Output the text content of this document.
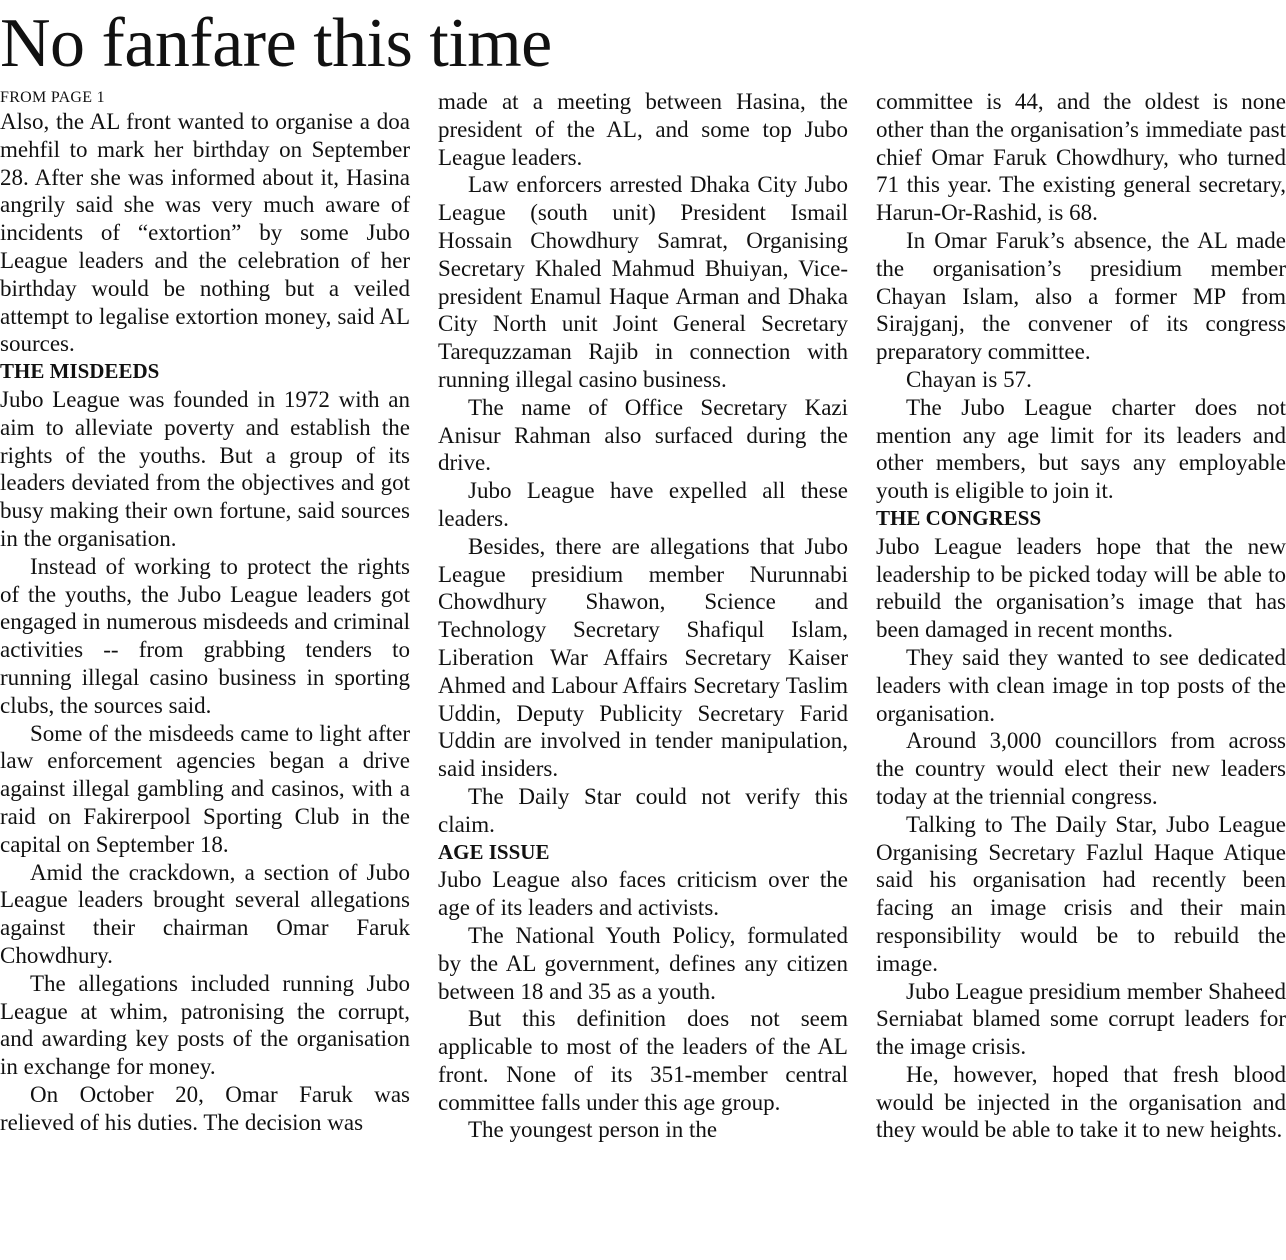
No fanfare this time
FROM PAGE 1

Also, the AL front wanted to organise a doa mehfil to mark her birthday on September 28. After she was informed about it, Hasina angrily said she was very much aware of incidents of “extortion” by some Jubo League leaders and the celebration of her birthday would be nothing but a veiled attempt to legalise extortion money, said AL sources.

THE MISDEEDS

Jubo League was founded in 1972 with an aim to alleviate poverty and establish the rights of the youths. But a group of its leaders deviated from the objectives and got busy making their own fortune, said sources in the organisation.

Instead of working to protect the rights of the youths, the Jubo League leaders got engaged in numerous misdeeds and criminal activities -- from grabbing tenders to running illegal casino business in sporting clubs, the sources said.

Some of the misdeeds came to light after law enforcement agencies began a drive against illegal gambling and casinos, with a raid on Fakirerpool Sporting Club in the capital on September 18.

Amid the crackdown, a section of Jubo League leaders brought several allegations against their chairman Omar Faruk Chowdhury.

The allegations included running Jubo League at whim, patronising the corrupt, and awarding key posts of the organisation in exchange for money.

On October 20, Omar Faruk was relieved of his duties. The decision was

made at a meeting between Hasina, the president of the AL, and some top Jubo League leaders.

Law enforcers arrested Dhaka City Jubo League (south unit) President Ismail Hossain Chowdhury Samrat, Organising Secretary Khaled Mahmud Bhuiyan, Vice-president Enamul Haque Arman and Dhaka City North unit Joint General Secretary Tarequzzaman Rajib in connection with running illegal casino business.

The name of Office Secretary Kazi Anisur Rahman also surfaced during the drive.

Jubo League have expelled all these leaders.

Besides, there are allegations that Jubo League presidium member Nurunnabi Chowdhury Shawon, Science and Technology Secretary Shafiqul Islam, Liberation War Affairs Secretary Kaiser Ahmed and Labour Affairs Secretary Taslim Uddin, Deputy Publicity Secretary Farid Uddin are involved in tender manipulation, said insiders.

The Daily Star could not verify this claim.

AGE ISSUE

Jubo League also faces criticism over the age of its leaders and activists.

The National Youth Policy, formulated by the AL government, defines any citizen between 18 and 35 as a youth.

But this definition does not seem applicable to most of the leaders of the AL front. None of its 351-member central committee falls under this age group.

The youngest person in the

committee is 44, and the oldest is none other than the organisation’s immediate past chief Omar Faruk Chowdhury, who turned 71 this year. The existing general secretary, Harun-Or-Rashid, is 68.

In Omar Faruk’s absence, the AL made the organisation’s presidium member Chayan Islam, also a former MP from Sirajganj, the convener of its congress preparatory committee.

Chayan is 57.

The Jubo League charter does not mention any age limit for its leaders and other members, but says any employable youth is eligible to join it.

THE CONGRESS

Jubo League leaders hope that the new leadership to be picked today will be able to rebuild the organisation’s image that has been damaged in recent months.

They said they wanted to see dedicated leaders with clean image in top posts of the organisation.

Around 3,000 councillors from across the country would elect their new leaders today at the triennial congress.

Talking to The Daily Star, Jubo League Organising Secretary Fazlul Haque Atique said his organisation had recently been facing an image crisis and their main responsibility would be to rebuild the image.

Jubo League presidium member Shaheed Serniabat blamed some corrupt leaders for the image crisis.

He, however, hoped that fresh blood would be injected in the organisation and they would be able to take it to new heights.
